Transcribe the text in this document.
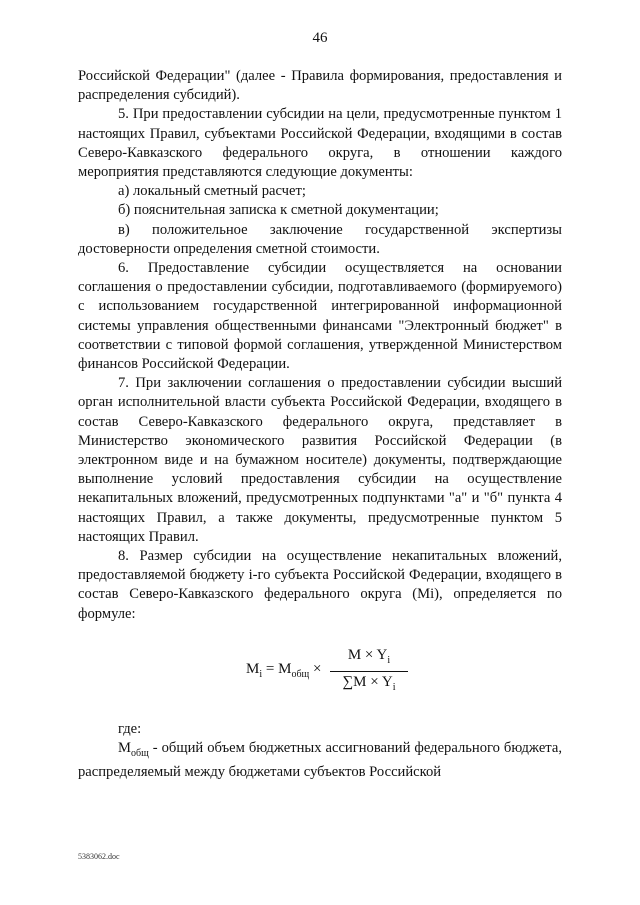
46

Российской Федерации" (далее - Правила формирования, предоставления и распределения субсидий).

5. При предоставлении субсидии на цели, предусмотренные пунктом 1 настоящих Правил, субъектами Российской Федерации, входящими в состав Северо-Кавказского федерального округа, в отношении каждого мероприятия представляются следующие документы:

а) локальный сметный расчет;

б) пояснительная записка к сметной документации;

в) положительное заключение государственной экспертизы достоверности определения сметной стоимости.

6. Предоставление субсидии осуществляется на основании соглашения о предоставлении субсидии, подготавливаемого (формируемого) с использованием государственной интегрированной информационной системы управления общественными финансами "Электронный бюджет" в соответствии с типовой формой соглашения, утвержденной Министерством финансов Российской Федерации.

7. При заключении соглашения о предоставлении субсидии высший орган исполнительной власти субъекта Российской Федерации, входящего в состав Северо-Кавказского федерального округа, представляет в Министерство экономического развития Российской Федерации (в электронном виде и на бумажном носителе) документы, подтверждающие выполнение условий предоставления субсидии на осуществление некапитальных вложений, предусмотренных подпунктами "а" и "б" пункта 4 настоящих Правил, а также документы, предусмотренные пунктом 5 настоящих Правил.

8. Размер субсидии на осуществление некапитальных вложений, предоставляемой бюджету i-го субъекта Российской Федерации, входящего в состав Северо-Кавказского федерального округа (Mi), определяется по формуле:

$M_i = M_{общ} \times \frac{M \times Y_i}{\sum M \times Y_i}$

где:

$M_{общ}$ - общий объем бюджетных ассигнований федерального бюджета, распределяемый между бюджетами субъектов Российской

5383062.doc
